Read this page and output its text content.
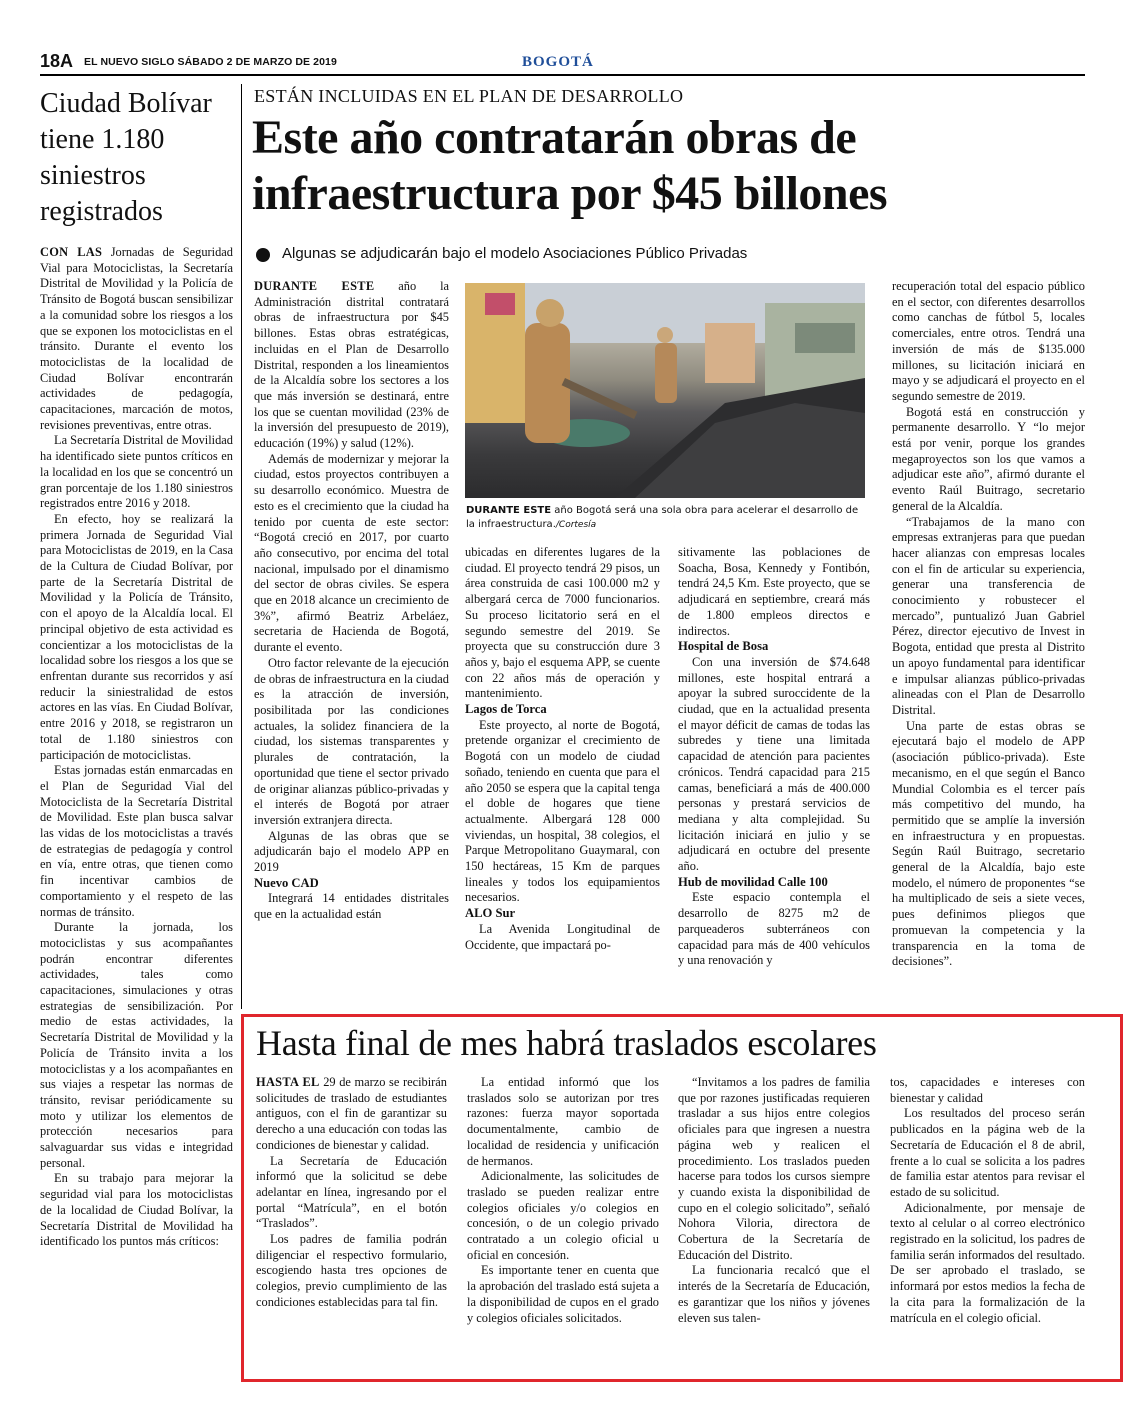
18A EL NUEVO SIGLO SÁBADO 2 DE MARZO DE 2019	BOGOTÁ
Ciudad Bolívar
tiene 1.180
siniestros
registrados

CON LAS Jornadas de Seguridad Vial para Motociclistas, la Secretaría Distrital de Movilidad y la Policía de Tránsito de Bogotá buscan sensibilizar a la comunidad sobre los riesgos a los que se exponen los motociclistas en el tránsito. Durante el evento los motociclistas de la localidad de Ciudad Bolívar encontrarán actividades de pedagogía, capacitaciones, marcación de motos, revisiones preventivas, entre otras.

La Secretaría Distrital de Movilidad ha identificado siete puntos críticos en la localidad en los que se concentró un gran porcentaje de los 1.180 siniestros registrados entre 2016 y 2018.

En efecto, hoy se realizará la primera Jornada de Seguridad Vial para Motociclistas de 2019, en la Casa de la Cultura de Ciudad Bolívar, por parte de la Secretaría Distrital de Movilidad y la Policía de Tránsito, con el apoyo de la Alcaldía local. El principal objetivo de esta actividad es concientizar a los motociclistas de la localidad sobre los riesgos a los que se enfrentan durante sus recorridos y así reducir la siniestralidad de estos actores en las vías. En Ciudad Bolívar, entre 2016 y 2018, se registraron un total de 1.180 siniestros con participación de motociclistas.

Estas jornadas están enmarcadas en el Plan de Seguridad Vial del Motociclista de la Secretaría Distrital de Movilidad. Este plan busca salvar las vidas de los motociclistas a través de estrategias de pedagogía y control en vía, entre otras, que tienen como fin incentivar cambios de comportamiento y el respeto de las normas de tránsito.

Durante la jornada, los motociclistas y sus acompañantes podrán encontrar diferentes actividades, tales como capacitaciones, simulaciones y otras estrategias de sensibilización. Por medio de estas actividades, la Secretaría Distrital de Movilidad y la Policía de Tránsito invita a los motociclistas y a los acompañantes en sus viajes a respetar las normas de tránsito, revisar periódicamente su moto y utilizar los elementos de protección necesarios para salvaguardar sus vidas e integridad personal.

En su trabajo para mejorar la seguridad vial para los motociclistas de la localidad de Ciudad Bolívar, la Secretaría Distrital de Movilidad ha identificado los puntos más críticos:

ESTÁN INCLUIDAS EN EL PLAN DE DESARROLLO
Este año contratarán obras de
infraestructura por $45 billones
Algunas se adjudicarán bajo el modelo Asociaciones Público Privadas

DURANTE ESTE año la Administración distrital contratará obras de infraestructura por $45 billones. Estas obras estratégicas, incluidas en el Plan de Desarrollo Distrital, responden a los lineamientos de la Alcaldía sobre los sectores a los que más inversión se destinará, entre los que se cuentan movilidad (23% de la inversión del presupuesto de 2019), educación (19%) y salud (12%).

Además de modernizar y mejorar la ciudad, estos proyectos contribuyen a su desarrollo económico. Muestra de esto es el crecimiento que la ciudad ha tenido por cuenta de este sector: “Bogotá creció en 2017, por cuarto año consecutivo, por encima del total nacional, impulsado por el dinamismo del sector de obras civiles. Se espera que en 2018 alcance un crecimiento de 3%”, afirmó Beatriz Arbeláez, secretaria de Hacienda de Bogotá, durante el evento.

Otro factor relevante de la ejecución de obras de infraestructura en la ciudad es la atracción de inversión, posibilitada por las condiciones actuales, la solidez financiera de la ciudad, los sistemas transparentes y plurales de contratación, la oportunidad que tiene el sector privado de originar alianzas público-privadas y el interés de Bogotá por atraer inversión extranjera directa.

Algunas de las obras que se adjudicarán bajo el modelo APP en 2019

Nuevo CAD

Integrará 14 entidades distritales que en la actualidad están

DURANTE ESTE año Bogotá será una sola obra para acelerar el desarrollo de la infraestructura./Cortesía

ubicadas en diferentes lugares de la ciudad. El proyecto tendrá 29 pisos, un área construida de casi 100.000 m2 y albergará cerca de 7000 funcionarios. Su proceso licitatorio será en el segundo semestre del 2019. Se proyecta que su construcción dure 3 años y, bajo el esquema APP, se cuente con 22 años más de operación y mantenimiento.

Lagos de Torca

Este proyecto, al norte de Bogotá, pretende organizar el crecimiento de Bogotá con un modelo de ciudad soñado, teniendo en cuenta que para el año 2050 se espera que la capital tenga el doble de hogares que tiene actualmente. Albergará 128 000 viviendas, un hospital, 38 colegios, el Parque Metropolitano Guaymaral, con 150 hectáreas, 15 Km de parques lineales y todos los equipamientos necesarios.

ALO Sur

La Avenida Longitudinal de Occidente, que impactará po-

sitivamente las poblaciones de Soacha, Bosa, Kennedy y Fontibón, tendrá 24,5 Km. Este proyecto, que se adjudicará en septiembre, creará más de 1.800 empleos directos e indirectos.

Hospital de Bosa

Con una inversión de $74.648 millones, este hospital entrará a apoyar la subred suroccidente de la ciudad, que en la actualidad presenta el mayor déficit de camas de todas las subredes y tiene una limitada capacidad de atención para pacientes crónicos. Tendrá capacidad para 215 camas, beneficiará a más de 400.000 personas y prestará servicios de mediana y alta complejidad. Su licitación iniciará en julio y se adjudicará en octubre del presente año.

Hub de movilidad Calle 100

Este espacio contempla el desarrollo de 8275 m2 de parqueaderos subterráneos con capacidad para más de 400 vehículos y una renovación y

recuperación total del espacio público en el sector, con diferentes desarrollos como canchas de fútbol 5, locales comerciales, entre otros. Tendrá una inversión de más de $135.000 millones, su licitación iniciará en mayo y se adjudicará el proyecto en el segundo semestre de 2019.

Bogotá está en construcción y permanente desarrollo. Y “lo mejor está por venir, porque los grandes megaproyectos son los que vamos a adjudicar este año”, afirmó durante el evento Raúl Buitrago, secretario general de la Alcaldía.

“Trabajamos de la mano con empresas extranjeras para que puedan hacer alianzas con empresas locales con el fin de articular su experiencia, generar una transferencia de conocimiento y robustecer el mercado”, puntualizó Juan Gabriel Pérez, director ejecutivo de Invest in Bogota, entidad que presta al Distrito un apoyo fundamental para identificar e impulsar alianzas público-privadas alineadas con el Plan de Desarrollo Distrital.

Una parte de estas obras se ejecutará bajo el modelo de APP (asociación público-privada). Este mecanismo, en el que según el Banco Mundial Colombia es el tercer país más competitivo del mundo, ha permitido que se amplíe la inversión en infraestructura y en propuestas. Según Raúl Buitrago, secretario general de la Alcaldía, bajo este modelo, el número de proponentes “se ha multiplicado de seis a siete veces, pues definimos pliegos que promuevan la competencia y la transparencia en la toma de decisiones”.

Hasta final de mes habrá traslados escolares

HASTA EL 29 de marzo se recibirán solicitudes de traslado de estudiantes antiguos, con el fin de garantizar su derecho a una educación con todas las condiciones de bienestar y calidad.

La Secretaría de Educación informó que la solicitud se debe adelantar en línea, ingresando por el portal “Matrícula”, en el botón “Traslados”.

Los padres de familia podrán diligenciar el respectivo formulario, escogiendo hasta tres opciones de colegios, previo cumplimiento de las condiciones establecidas para tal fin.

La entidad informó que los traslados solo se autorizan por tres razones: fuerza mayor soportada documentalmente, cambio de localidad de residencia y unificación de hermanos.

Adicionalmente, las solicitudes de traslado se pueden realizar entre colegios oficiales y/o colegios en concesión, o de un colegio privado contratado a un colegio oficial u oficial en concesión.

Es importante tener en cuenta que la aprobación del traslado está sujeta a la disponibilidad de cupos en el grado y colegios oficiales solicitados.

“Invitamos a los padres de familia que por razones justificadas requieren trasladar a sus hijos entre colegios oficiales para que ingresen a nuestra página web y realicen el procedimiento. Los traslados pueden hacerse para todos los cursos siempre y cuando exista la disponibilidad de cupo en el colegio solicitado”, señaló Nohora Viloria, directora de Cobertura de la Secretaría de Educación del Distrito.

La funcionaria recalcó que el interés de la Secretaría de Educación, es garantizar que los niños y jóvenes eleven sus talen-

tos, capacidades e intereses con bienestar y calidad

Los resultados del proceso serán publicados en la página web de la Secretaría de Educación el 8 de abril, frente a lo cual se solicita a los padres de familia estar atentos para revisar el estado de su solicitud.

Adicionalmente, por mensaje de texto al celular o al correo electrónico registrado en la solicitud, los padres de familia serán informados del resultado. De ser aprobado el traslado, se informará por estos medios la fecha de la cita para la formalización de la matrícula en el colegio oficial.
